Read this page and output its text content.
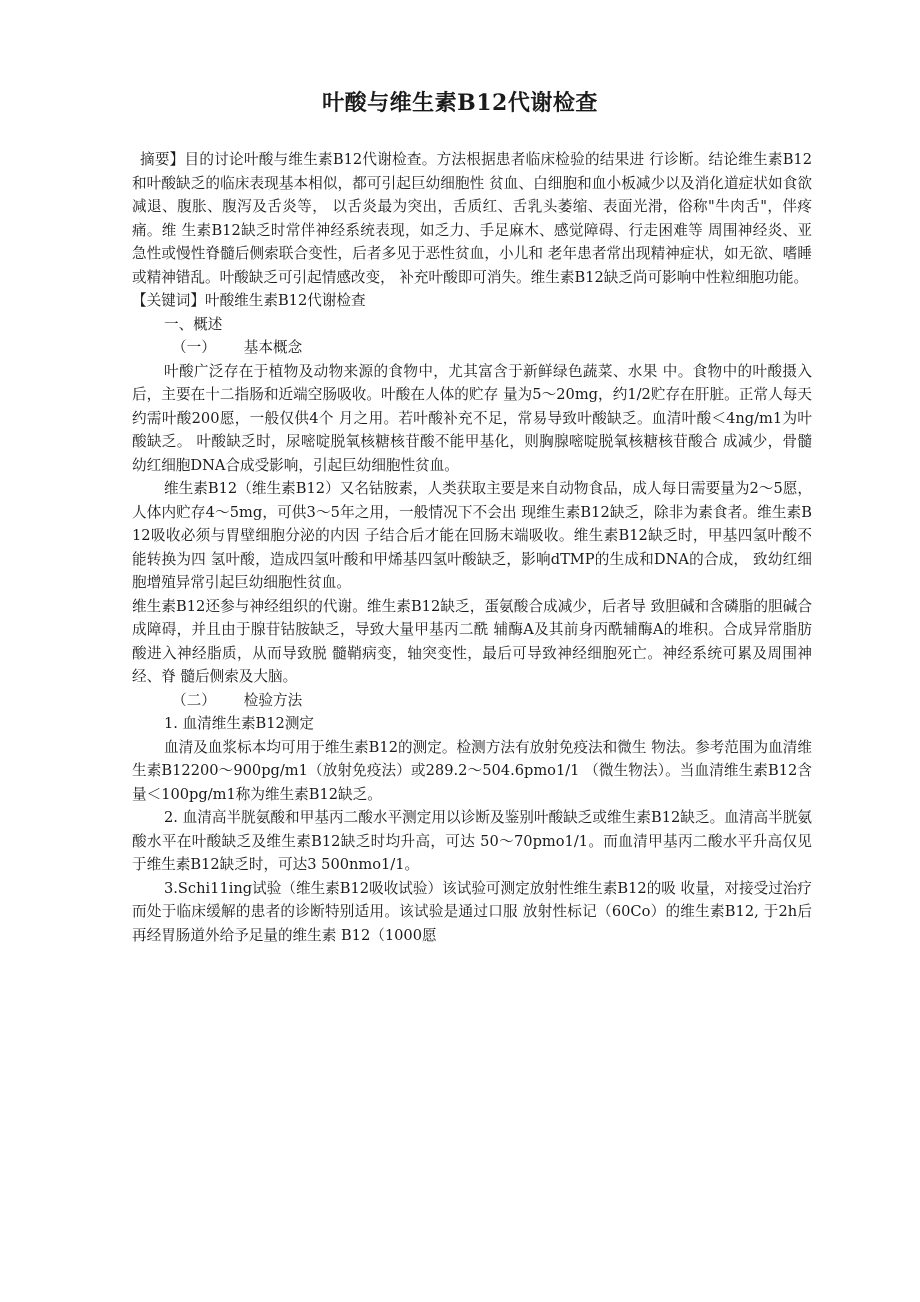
叶酸与维生素B12代谢检查

摘要】目的讨论叶酸与维生素B12代谢检查。方法根据患者临床检验的结果进 行诊断。结论维生素B12和叶酸缺乏的临床表现基本相似，都可引起巨幼细胞性 贫血、白细胞和血小板减少以及消化道症状如食欲减退、腹胀、腹泻及舌炎等， 以舌炎最为突出，舌质红、舌乳头萎缩、表面光滑，俗称"牛肉舌"，伴疼痛。维 生素B12缺乏时常伴神经系统表现，如乏力、手足麻木、感觉障碍、行走困难等 周围神经炎、亚急性或慢性脊髓后侧索联合变性，后者多见于恶性贫血，小儿和 老年患者常出现精神症状，如无欲、嗜睡或精神错乱。叶酸缺乏可引起情感改变， 补充叶酸即可消失。维生素B12缺乏尚可影响中性粒细胞功能。

【关键词】叶酸维生素B12代谢检查

一、概述

（一） 基本概念

叶酸广泛存在于植物及动物来源的食物中，尤其富含于新鲜绿色蔬菜、水果 中。食物中的叶酸摄入后，主要在十二指肠和近端空肠吸收。叶酸在人体的贮存 量为5〜20mg，约1/2贮存在肝脏。正常人每天约需叶酸200愿，一般仅供4个 月之用。若叶酸补充不足，常易导致叶酸缺乏。血清叶酸＜4ng/m1为叶酸缺乏。 叶酸缺乏时，尿嘧啶脱氧核糖核苷酸不能甲基化，则胸腺嘧啶脱氧核糖核苷酸合 成减少，骨髓幼红细胞DNA合成受影响，引起巨幼细胞性贫血。

维生素B12（维生素B12）又名钴胺素，人类获取主要是来自动物食品，成人每日需要量为2〜5愿，人体内贮存4〜5mg，可供3〜5年之用，一般情况下不会出 现维生素B12缺乏，除非为素食者。维生素B12吸收必须与胃壁细胞分泌的内因 子结合后才能在回肠末端吸收。维生素B12缺乏时，甲基四氢叶酸不能转换为四 氢叶酸，造成四氢叶酸和甲烯基四氢叶酸缺乏，影响dTMP的生成和DNA的合成， 致幼红细胞增殖异常引起巨幼细胞性贫血。

维生素B12还参与神经组织的代谢。维生素B12缺乏，蛋氨酸合成减少，后者导 致胆碱和含磷脂的胆碱合成障碍，并且由于腺苷钴胺缺乏，导致大量甲基丙二酰 辅酶A及其前身丙酰辅酶A的堆积。合成异常脂肪酸进入神经脂质，从而导致脱 髓鞘病变，轴突变性，最后可导致神经细胞死亡。神经系统可累及周围神经、脊 髓后侧索及大脑。

（二） 检验方法

1. 血清维生素B12测定

血清及血浆标本均可用于维生素B12的测定。检测方法有放射免疫法和微生 物法。参考范围为血清维生素B12200〜900pg/m1（放射免疫法）或289.2〜504.6pmo1/1 （微生物法）。当血清维生素B12含量＜100pg/m1称为维生素B12缺乏。

2. 血清高半胱氨酸和甲基丙二酸水平测定用以诊断及鉴别叶酸缺乏或维生素B12缺乏。血清高半胱氨酸水平在叶酸缺乏及维生素B12缺乏时均升高，可达 50〜70pmo1/1。而血清甲基丙二酸水平升高仅见于维生素B12缺乏时，可达3 500nmo1/1。

3.Schi11ing试验（维生素B12吸收试验）该试验可测定放射性维生素B12的吸 收量，对接受过治疗而处于临床缓解的患者的诊断特别适用。该试验是通过口服 放射性标记（60Co）的维生素B12, 于2h后再经胃肠道外给予足量的维生素 B12（1000愿
